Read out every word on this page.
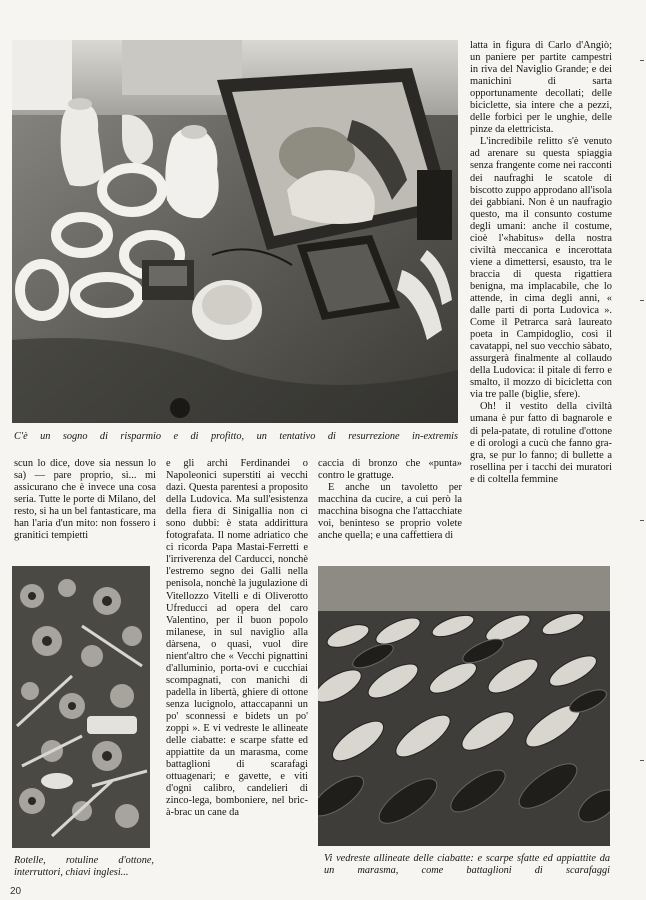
C'è un sogno di risparmio e di profitto, un tentativo di resurrezione in-extremis

latta in figura di Carlo d'Angiò; un paniere per partite campestri in riva del Naviglio Grande; e dei manichini di sarta opportunamente decollati; delle biciclette, sia intere che a pezzi, delle forbici per le unghie, delle pinze da elettricista.

L'incredibile relitto s'è venuto ad arenare su questa spiaggia senza frangente come nei racconti dei naufraghi le scatole di biscotto zuppo approdano all'isola dei gabbiani. Non è un naufragio questo, ma il consunto costume degli umani: anche il costume, cioè l'«habitus» della nostra civiltà meccanica e incerottata viene a dimettersi, esausto, tra le braccia di questa rigattiera benigna, ma implacabile, che lo attende, in cima degli anni, « dalle parti di porta Ludovica ». Come il Petrarca sarà laureato poeta in Campidoglio, così il cavatappi, nel suo vecchio sàbato, assurgerà finalmente al collaudo della Ludovica: il pitale di ferro e smalto, il mozzo di bicicletta con via tre palle (biglie, sfere).

Oh! il vestito della civiltà umana è pur fatto di bagnarole e di pela-patate, di rotuline d'ottone e di orologi a cucù che fanno gra-gra, se pur lo fanno; di bullette a rosellina per i tacchi dei muratori e di coltella femmine

scun lo dice, dove sia nessun lo sa) — pare proprio, sì... mi assicurano che è invece una cosa seria. Tutte le porte di Milano, del resto, si ha un bel fantasticare, ma han l'aria d'un mito: non fossero i granitici tempietti

e gli archi Ferdinandei o Napoleonici superstiti ai vecchi dazi. Questa parentesi a proposito della Ludovica. Ma sull'esistenza della fiera di Sinigallia non ci sono dubbi: è stata addirittura fotografata. Il nome adriatico che ci ricorda Papa Mastai-Ferretti e l'irriverenza del Carducci, nonchè l'estremo segno dei Galli nella penisola, nonchè la jugulazione di Vitellozzo Vitelli e di Oliverotto Ufreducci ad opera del caro Valentino, per il buon popolo milanese, in sul naviglio alla dàrsena, o quasi, vuol dire nient'altro che « Vecchi pignattini d'alluminio, porta-ovi e cucchiai scompagnati, con manichi di padella in libertà, ghiere di ottone senza lucignolo, attaccapanni un po' sconnessi e bidets un po' zoppi ». E vi vedreste le allineate delle ciabatte: e scarpe sfatte ed appiattite da un marasma, come battaglioni di scarafagi ottuagenari; e gavette, e viti d'ogni calibro, candelieri di zinco-lega, bomboniere, nel bric-à-brac un cane da

caccia di bronzo che «punta» contro le grattuge.

E anche un tavoletto per macchina da cucire, a cui però la macchina bisogna che l'attacchiate voi, beninteso se proprio volete anche quella; e una caffettiera di

Rotelle, rotuline d'ottone, interruttori, chiavi inglesi...
Vi vedreste allineate delle ciabatte: e scarpe sfatte ed appiattite da un marasma, come battaglioni di scarafaggi
20
